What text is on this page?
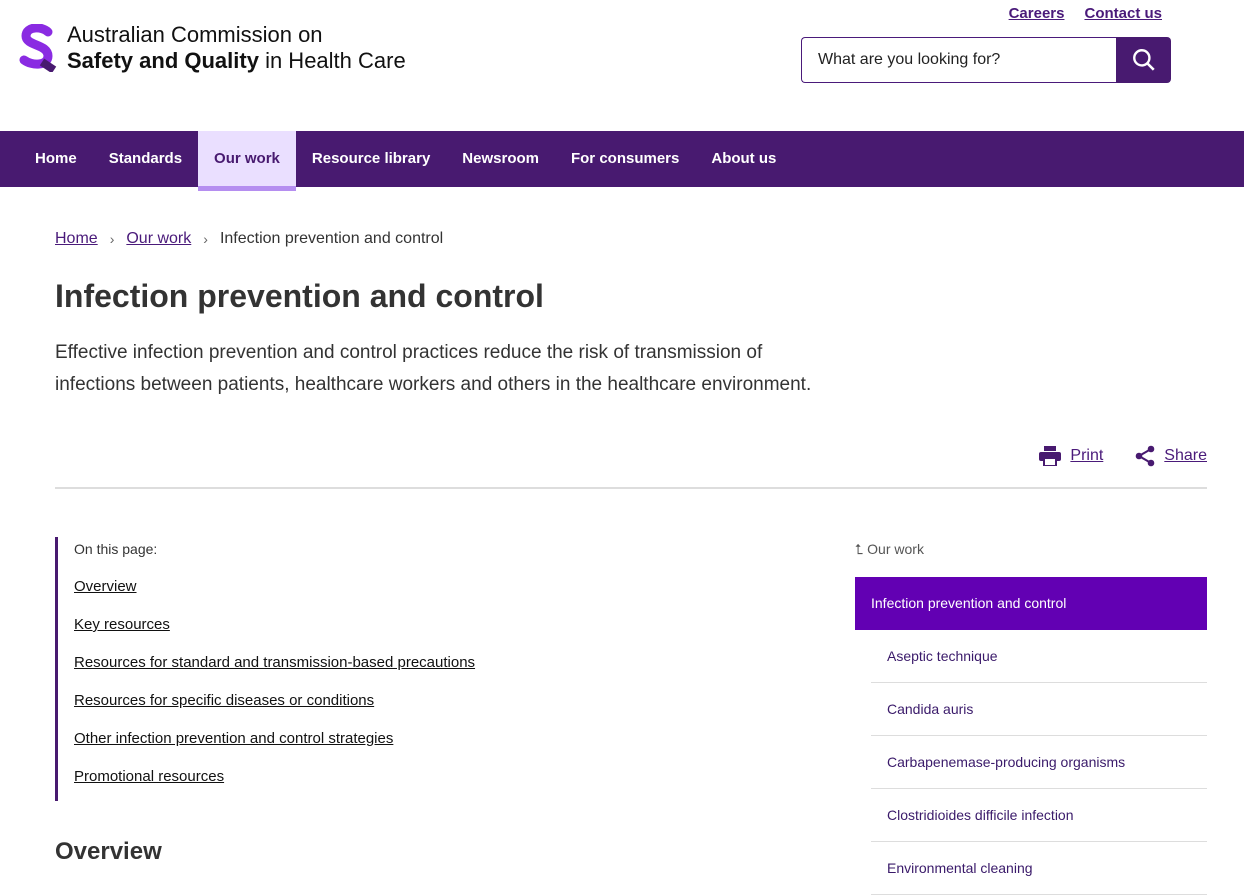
Australian Commission on
Safety and Quality in Health Care
Careers Contact us
What are you looking for?
Home	Standards	Our work	Resource library	Newsroom	For consumers	About us
Home › Our work › Infection prevention and control
Infection prevention and control

Effective infection prevention and control practices reduce the risk of transmission of infections between patients, healthcare workers and others in the healthcare environment.

Print	Share
On this page:
Overview
Key resources
Resources for standard and transmission-based precautions
Resources for specific diseases or conditions
Other infection prevention and control strategies
Promotional resources
Overview
⮤ Our work
Infection prevention and control
Aseptic technique
Candida auris
Carbapenemase-producing organisms
Clostridioides difficile infection
Environmental cleaning
